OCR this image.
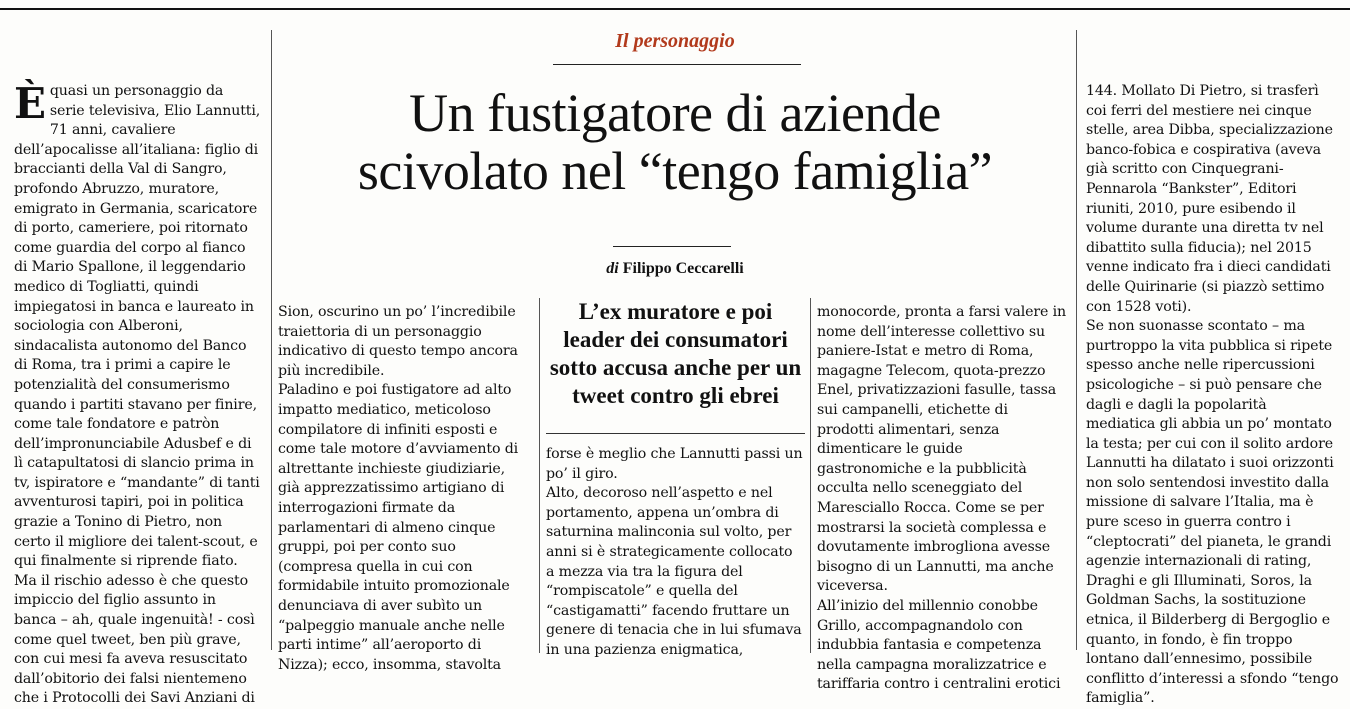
Il personaggio
Un fustigatore di aziende
scivolato nel “tengo famiglia”
di Filippo Ceccarelli
L’ex muratore e poi leader dei consumatori sotto accusa anche per un tweet contro gli ebrei

È quasi un personaggio da serie televisiva, Elio Lannutti, 71 anni, cavaliere dell’apocalisse all’italiana: figlio di braccianti della Val di Sangro, profondo Abruzzo, muratore, emigrato in Germania, scaricatore di porto, cameriere, poi ritornato come guardia del corpo al fianco di Mario Spallone, il leggendario medico di Togliatti, quindi impiegatosi in banca e laureato in sociologia con Alberoni, sindacalista autonomo del Banco di Roma, tra i primi a capire le potenzialità del consumerismo quando i partiti stavano per finire, come tale fondatore e patròn dell’impronunciabile Adusbef e di lì catapultatosi di slancio prima in tv, ispiratore e “mandante” di tanti avventurosi tapiri, poi in politica grazie a Tonino di Pietro, non certo il migliore dei talent-scout, e qui finalmente si riprende fiato.

Ma il rischio adesso è che questo impiccio del figlio assunto in banca – ah, quale ingenuità! - così come quel tweet, ben più grave, con cui mesi fa aveva resuscitato dall’obitorio dei falsi nientemeno che i Protocolli dei Savi Anziani di

Sion, oscurino un po’ l’incredibile traiettoria di un personaggio indicativo di questo tempo ancora più incredibile.

Paladino e poi fustigatore ad alto impatto mediatico, meticoloso compilatore di infiniti esposti e come tale motore d’avviamento di altrettante inchieste giudiziarie, già apprezzatissimo artigiano di interrogazioni firmate da parlamentari di almeno cinque gruppi, poi per conto suo (compresa quella in cui con formidabile intuito promozionale denunciava di aver subìto un “palpeggio manuale anche nelle parti intime” all’aeroporto di Nizza); ecco, insomma, stavolta

forse è meglio che Lannutti passi un po’ il giro.

Alto, decoroso nell’aspetto e nel portamento, appena un’ombra di saturnina malinconia sul volto, per anni si è strategicamente collocato a mezza via tra la figura del “rompiscatole” e quella del “castigamatti” facendo fruttare un genere di tenacia che in lui sfumava in una pazienza enigmatica,

monocorde, pronta a farsi valere in nome dell’interesse collettivo su paniere-Istat e metro di Roma, magagne Telecom, quota-prezzo Enel, privatizzazioni fasulle, tassa sui campanelli, etichette di prodotti alimentari, senza dimenticare le guide gastronomiche e la pubblicità occulta nello sceneggiato del Maresciallo Rocca. Come se per mostrarsi la società complessa e dovutamente imbrogliona avesse bisogno di un Lannutti, ma anche viceversa.

All’inizio del millennio conobbe Grillo, accompagnandolo con indubbia fantasia e competenza nella campagna moralizzatrice e tariffaria contro i centralini erotici

144. Mollato Di Pietro, si trasferì coi ferri del mestiere nei cinque stelle, area Dibba, specializzazione banco-fobica e cospirativa (aveva già scritto con Cinquegrani-Pennarola “Bankster”, Editori riuniti, 2010, pure esibendo il volume durante una diretta tv nel dibattito sulla fiducia); nel 2015 venne indicato fra i dieci candidati delle Quirinarie (si piazzò settimo con 1528 voti).

Se non suonasse scontato – ma purtroppo la vita pubblica si ripete spesso anche nelle ripercussioni psicologiche – si può pensare che dagli e dagli la popolarità mediatica gli abbia un po’ montato la testa; per cui con il solito ardore Lannutti ha dilatato i suoi orizzonti non solo sentendosi investito dalla missione di salvare l’Italia, ma è pure sceso in guerra contro i “cleptocrati” del pianeta, le grandi agenzie internazionali di rating, Draghi e gli Illuminati, Soros, la Goldman Sachs, la sostituzione etnica, il Bilderberg di Bergoglio e quanto, in fondo, è fin troppo lontano dall’ennesimo, possibile conflitto d’interessi a sfondo “tengo famiglia”.
